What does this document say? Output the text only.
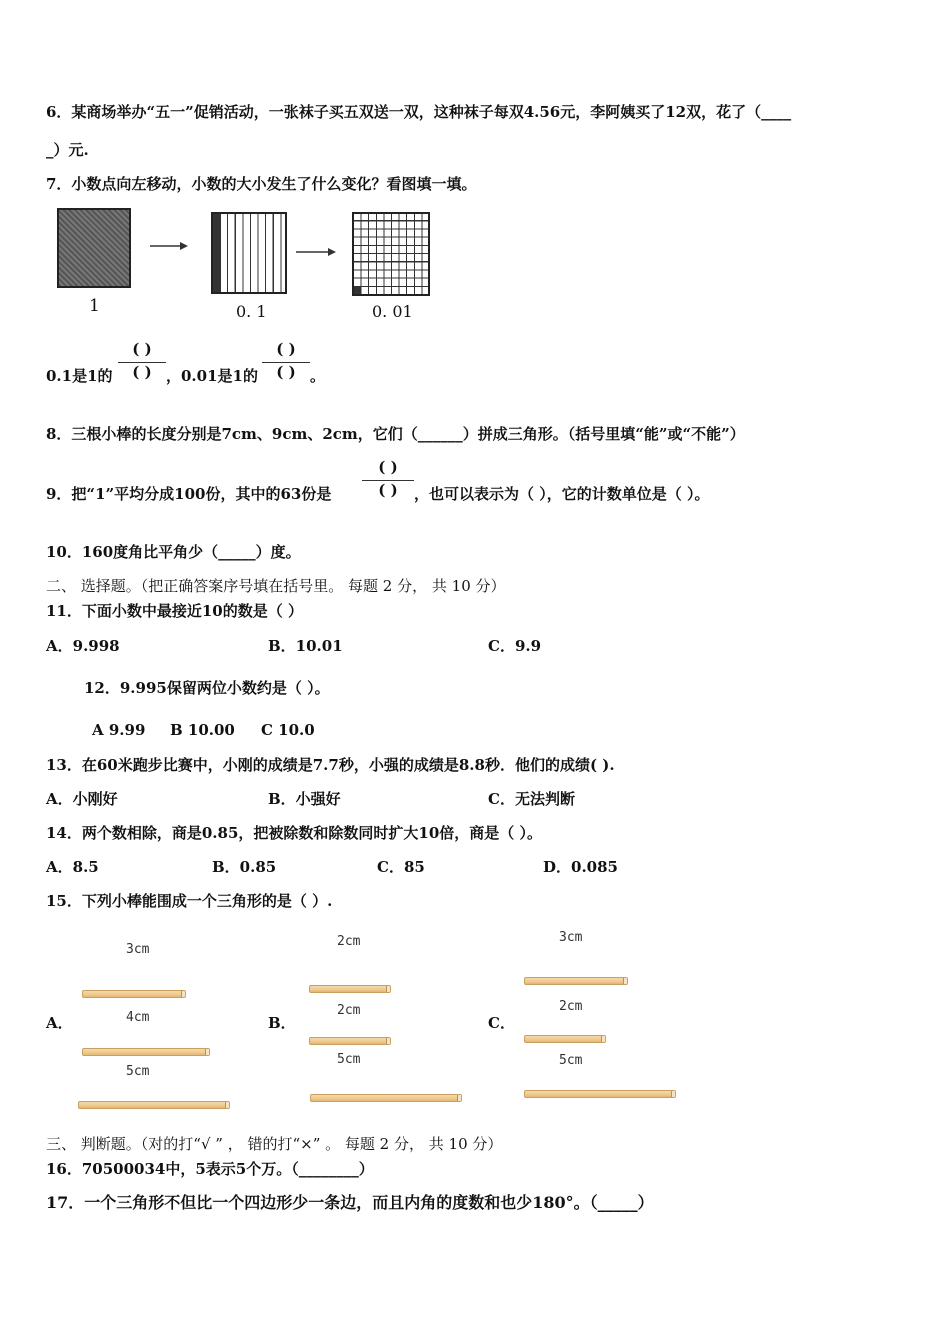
6．某商场举办“五一”促销活动，一张袜子买五双送一双，这种袜子每双4.56元，李阿姨买了12双，花了（____
_）元.
7．小数点向左移动，小数的大小发生了什么变化？看图填一填。
1	0. 1	0. 01
0.1是1的
( )
( ) ，0.01是1的
( )
( ) 。
8．三根小棒的长度分别是7cm、9cm、2cm，它们（______）拼成三角形。（括号里填“能”或“不能”）
9．把“1”平均分成100份，其中的63份是
( )
( )	，也可以表示为（ ），它的计数单位是（ ）。
10．160度角比平角少（_____）度。
二、 选择题。（把正确答案序号填在括号里。 每题 2 分， 共 10 分）
11．下面小数中最接近10的数是（ ）
A．9.998	B．10.01	C．9.9
12．9.995保留两位小数约是（ ）。
A 9.99 B 10.00 C 10.0
13．在60米跑步比赛中，小刚的成绩是7.7秒，小强的成绩是8.8秒．他们的成绩( ).
A．小刚好	B．小强好	C．无法判断
14．两个数相除，商是0.85，把被除数和除数同时扩大10倍，商是（ ）。
A．8.5	B．0.85	C．85	D．0.085
15．下列小棒能围成一个三角形的是（ ）.
A．
3cm
4cm
5cm
B．
2cm
2cm
5cm
C．
3cm
2cm
5cm
三、 判断题。（对的打“√ ” ， 错的打“×” 。 每题 2 分， 共 10 分）
16．70500034中，5表示5个万。（________）
17．一个三角形不但比一个四边形少一条边，而且内角的度数和也少180°。（_____）
